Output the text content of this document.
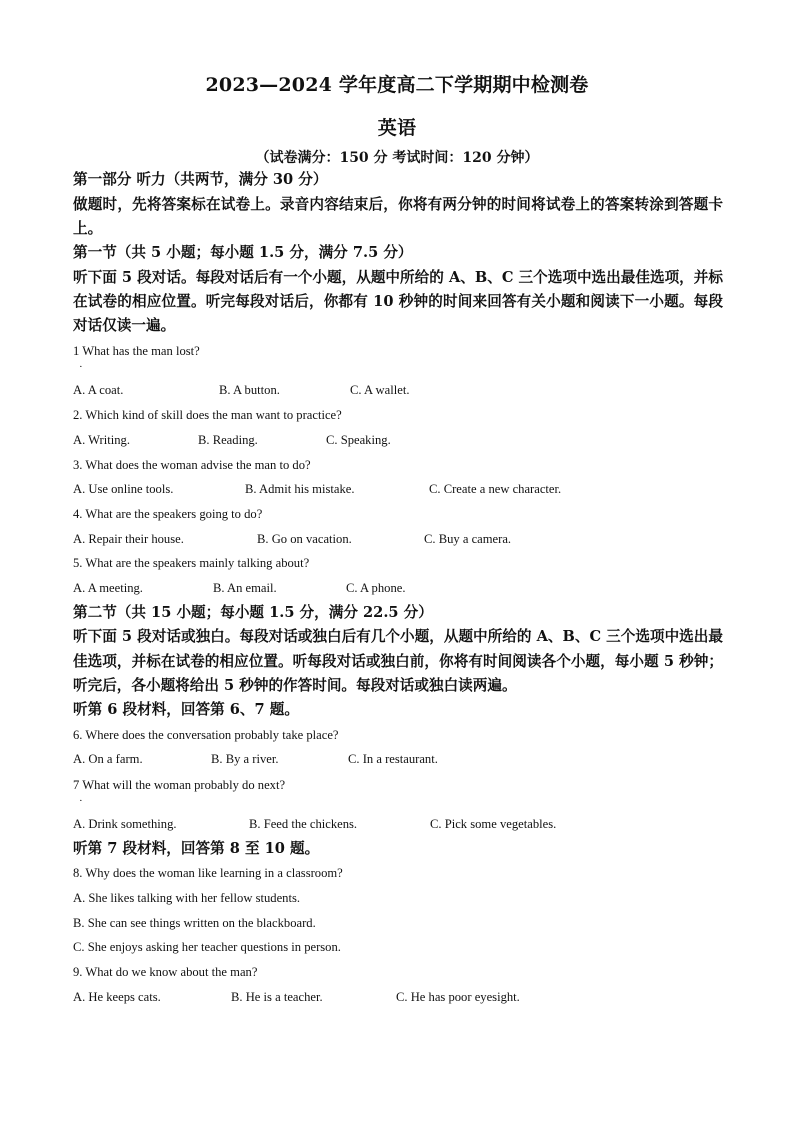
2023—2024 学年度高二下学期期中检测卷
英语
（试卷满分：150 分 考试时间：120 分钟）

第一部分 听力（共两节，满分 30 分）

做题时，先将答案标在试卷上。录音内容结束后，你将有两分钟的时间将试卷上的答案转涂到答题卡上。

第一节（共 5 小题；每小题 1.5 分，满分 7.5 分）

听下面 5 段对话。每段对话后有一个小题，从题中所给的 A、B、C 三个选项中选出最佳选项，并标在试卷的相应位置。听完每段对话后，你都有 10 秒钟的时间来回答有关小题和阅读下一小题。每段对话仅读一遍。

1 What has the man lost?

·
A. A coat.	B. A button.	C. A wallet.

2. Which kind of skill does the man want to practice?

A. Writing.	B. Reading.	C. Speaking.

3. What does the woman advise the man to do?

A. Use online tools.	B. Admit his mistake.	C. Create a new character.

4. What are the speakers going to do?

A. Repair their house.	B. Go on vacation.	C. Buy a camera.

5. What are the speakers mainly talking about?

A. A meeting.	B. An email.	C. A phone.

第二节（共 15 小题；每小题 1.5 分，满分 22.5 分）

听下面 5 段对话或独白。每段对话或独白后有几个小题，从题中所给的 A、B、C 三个选项中选出最佳选项，并标在试卷的相应位置。听每段对话或独白前，你将有时间阅读各个小题，每小题 5 秒钟；听完后，各小题将给出 5 秒钟的作答时间。每段对话或独白读两遍。

听第 6 段材料，回答第 6、7 题。

6. Where does the conversation probably take place?

A. On a farm.	B. By a river.	C. In a restaurant.

7 What will the woman probably do next?

·
A. Drink something.	B. Feed the chickens.	C. Pick some vegetables.

听第 7 段材料，回答第 8 至 10 题。

8. Why does the woman like learning in a classroom?

A. She likes talking with her fellow students.

B. She can see things written on the blackboard.

C. She enjoys asking her teacher questions in person.

9. What do we know about the man?

A. He keeps cats.	B. He is a teacher.	C. He has poor eyesight.
